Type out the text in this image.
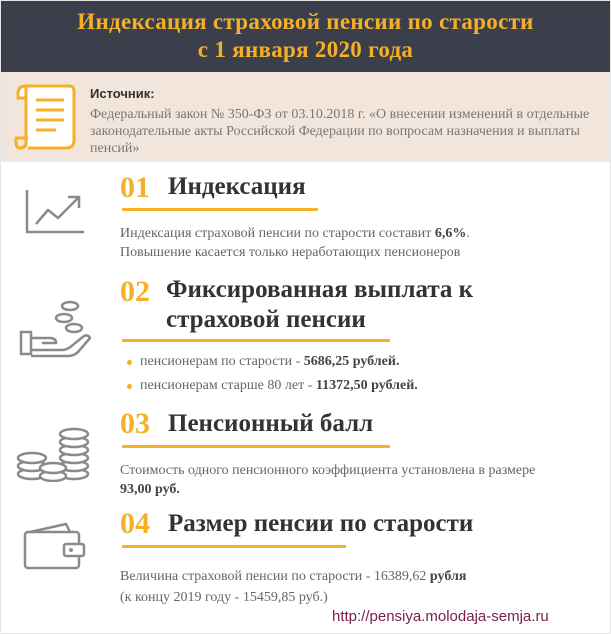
Индексация страховой пенсии по старости
с 1 января 2020 года
Источник:
Федеральный закон № 350-ФЗ от 03.10.2018 г. «О внесении изменений в отдельные законодательные акты Российской Федерации по вопросам назначения и выплаты пенсий»
01 Индексация
Индексация страховой пенсии по старости составит 6,6%.
Повышение касается только неработающих пенсионеров
02 Фиксированная выплата к
страховой пенсии
пенсионерам по старости - 5686,25 рублей.
пенсионерам старше 80 лет - 11372,50 рублей.
03 Пенсионный балл
Стоимость одного пенсионного коэффициента установлена в размере
93,00 руб.
04 Размер пенсии по старости
Величина страховой пенсии по старости - 16389,62 рубля
(к концу 2019 году - 15459,85 руб.)
http://pensiya.molodaja-semja.ru
